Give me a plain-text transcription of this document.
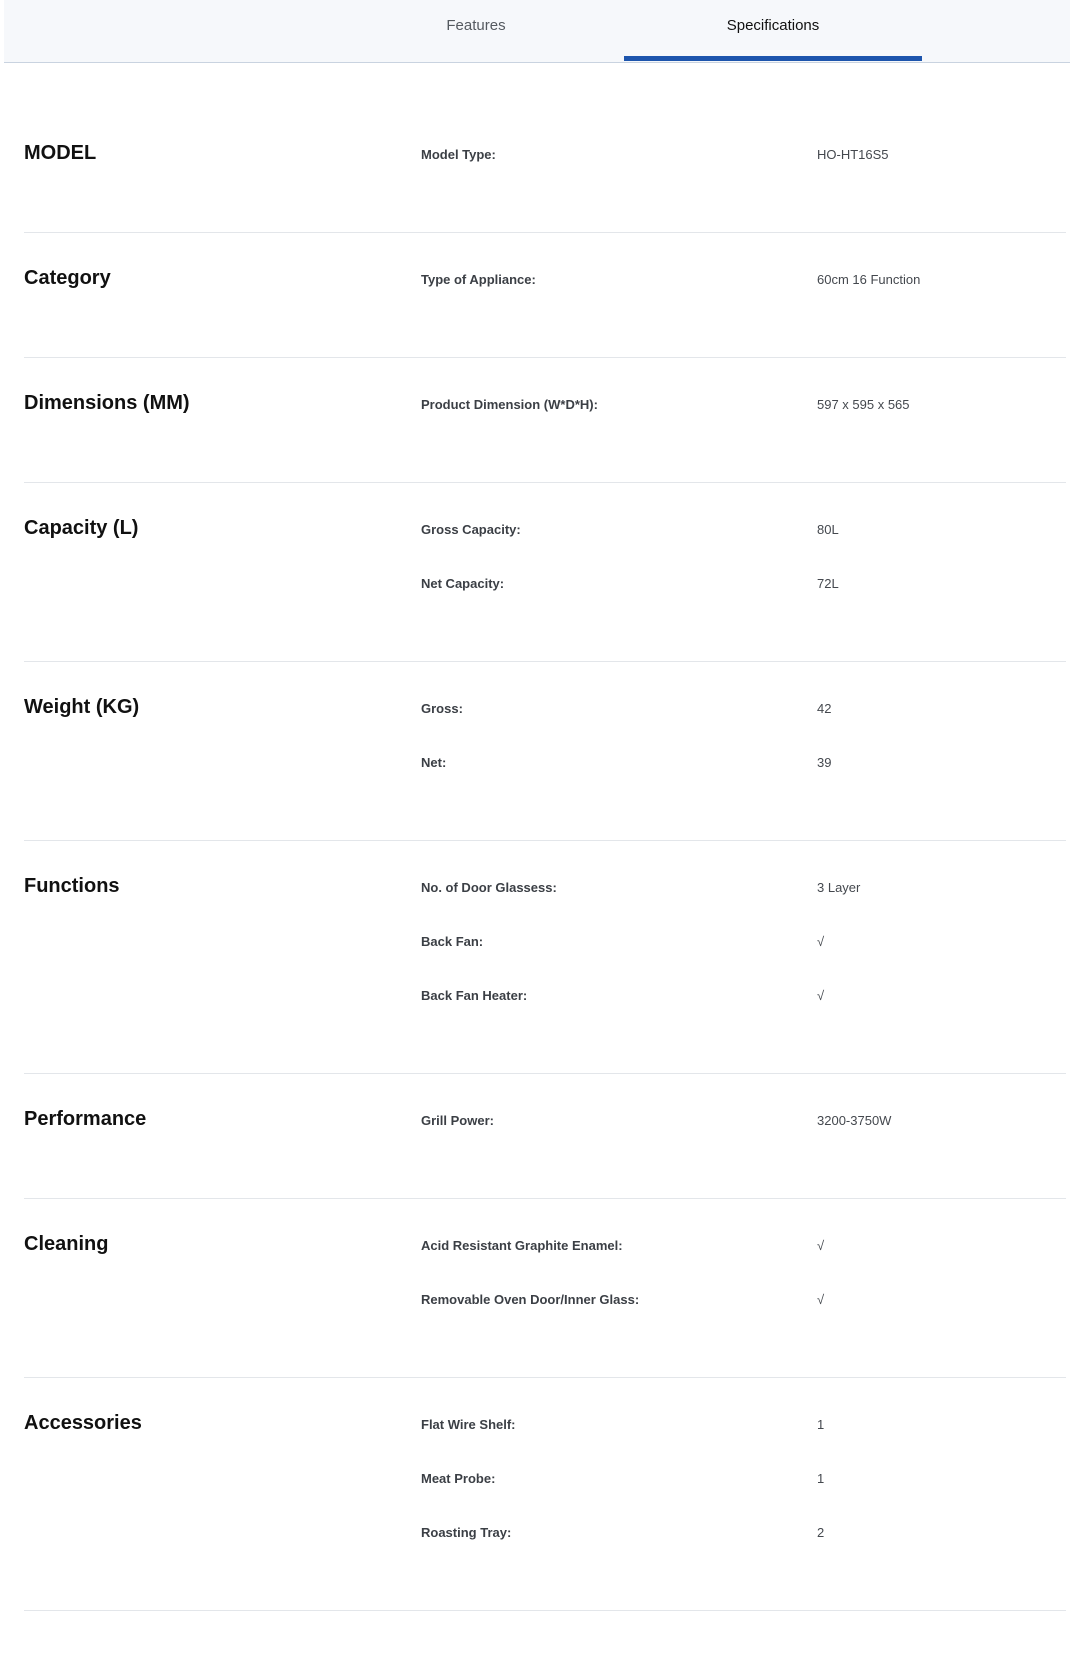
Features	Specifications
MODEL	Model Type:	HO-HT16S5
Category	Type of Appliance:	60cm 16 Function
Dimensions (MM)	Product Dimension (W*D*H):	597 x 595 x 565
Capacity (L)	Gross Capacity:	80L
Net Capacity:	72L
Weight (KG)	Gross:	42
Net:	39
Functions	No. of Door Glassess:	3 Layer
Back Fan:	√
Back Fan Heater:	√
Performance	Grill Power:	3200-3750W
Cleaning	Acid Resistant Graphite Enamel:	√
Removable Oven Door/Inner Glass:	√
Accessories	Flat Wire Shelf:	1
Meat Probe:	1
Roasting Tray:	2
